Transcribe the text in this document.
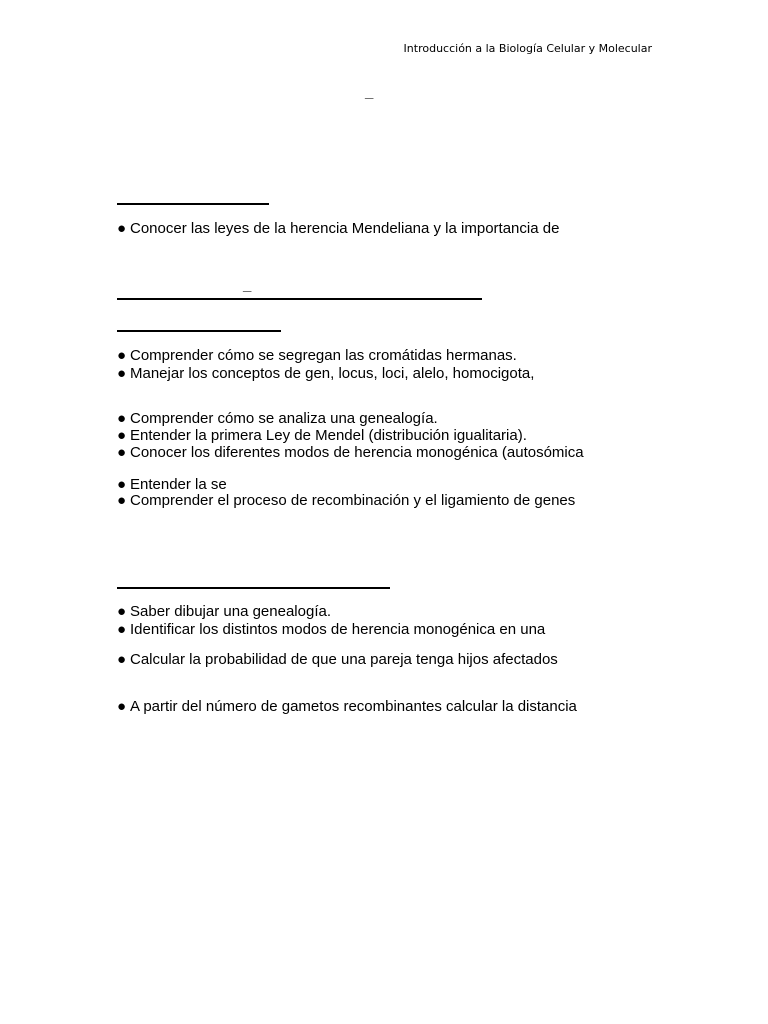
Introducción a la Biología Celular y Molecular
_
● Conocer las leyes de la herencia Mendeliana y la importancia de
_
● Comprender cómo se segregan las cromátidas hermanas.
● Manejar los conceptos de gen, locus, loci, alelo, homocigota,
● Comprender cómo se analiza una genealogía.
● Entender la primera Ley de Mendel (distribución igualitaria).
● Conocer los diferentes modos de herencia monogénica (autosómica
● Entender la se
● Comprender el proceso de recombinación y el ligamiento de genes
● Saber dibujar una genealogía.
● Identificar los distintos modos de herencia monogénica en una
● Calcular la probabilidad de que una pareja tenga hijos afectados
● A partir del número de gametos recombinantes calcular la distancia
